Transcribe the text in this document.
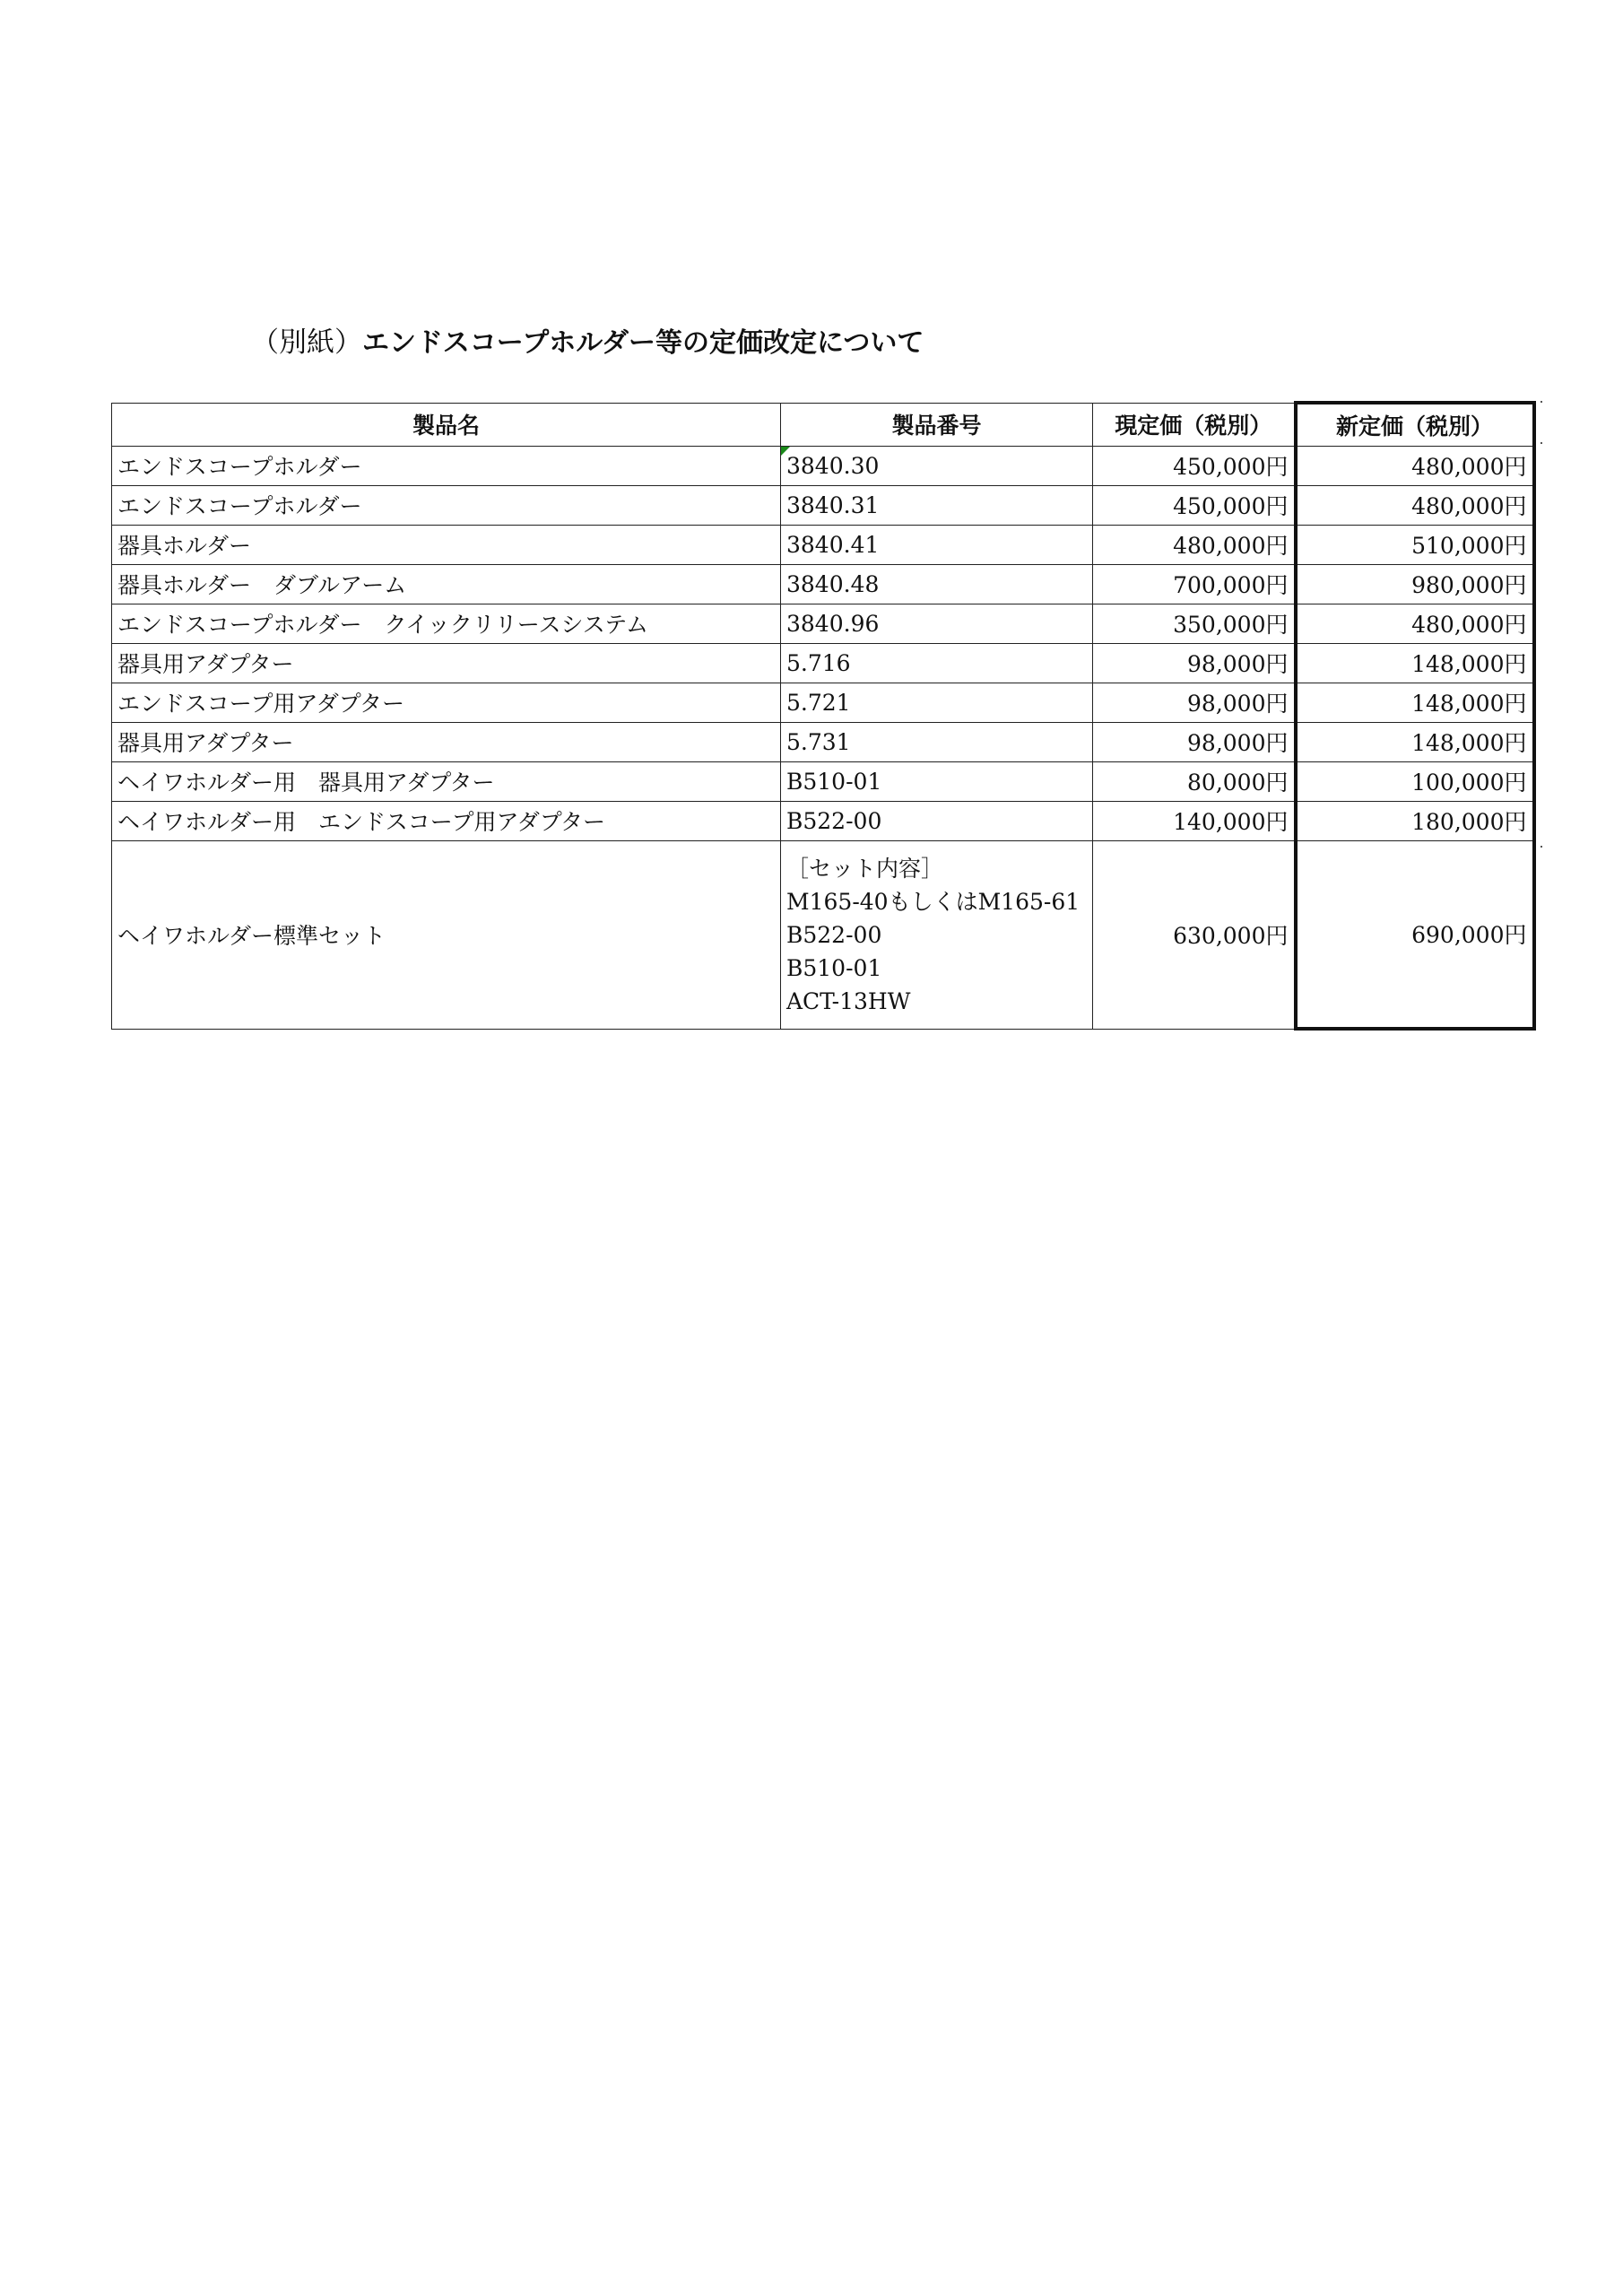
（別紙）エンドスコープホルダー等の定価改定について
製品名	製品番号	現定価（税別）	新定価（税別）
エンドスコープホルダー	3840.30	450,000円	480,000円
エンドスコープホルダー	3840.31	450,000円	480,000円
器具ホルダー	3840.41	480,000円	510,000円
器具ホルダー　ダブルアーム	3840.48	700,000円	980,000円
エンドスコープホルダー　クイックリリースシステム	3840.96	350,000円	480,000円
器具用アダプター	5.716	98,000円	148,000円
エンドスコープ用アダプター	5.721	98,000円	148,000円
器具用アダプター	5.731	98,000円	148,000円
ヘイワホルダー用　器具用アダプター	B510-01	80,000円	100,000円
ヘイワホルダー用　エンドスコープ用アダプター	B522-00	140,000円	180,000円
ヘイワホルダー標準セット	［セット内容］
M165-40もしくはM165-61
B522-00
B510-01
ACT-13HW	630,000円	690,000円
